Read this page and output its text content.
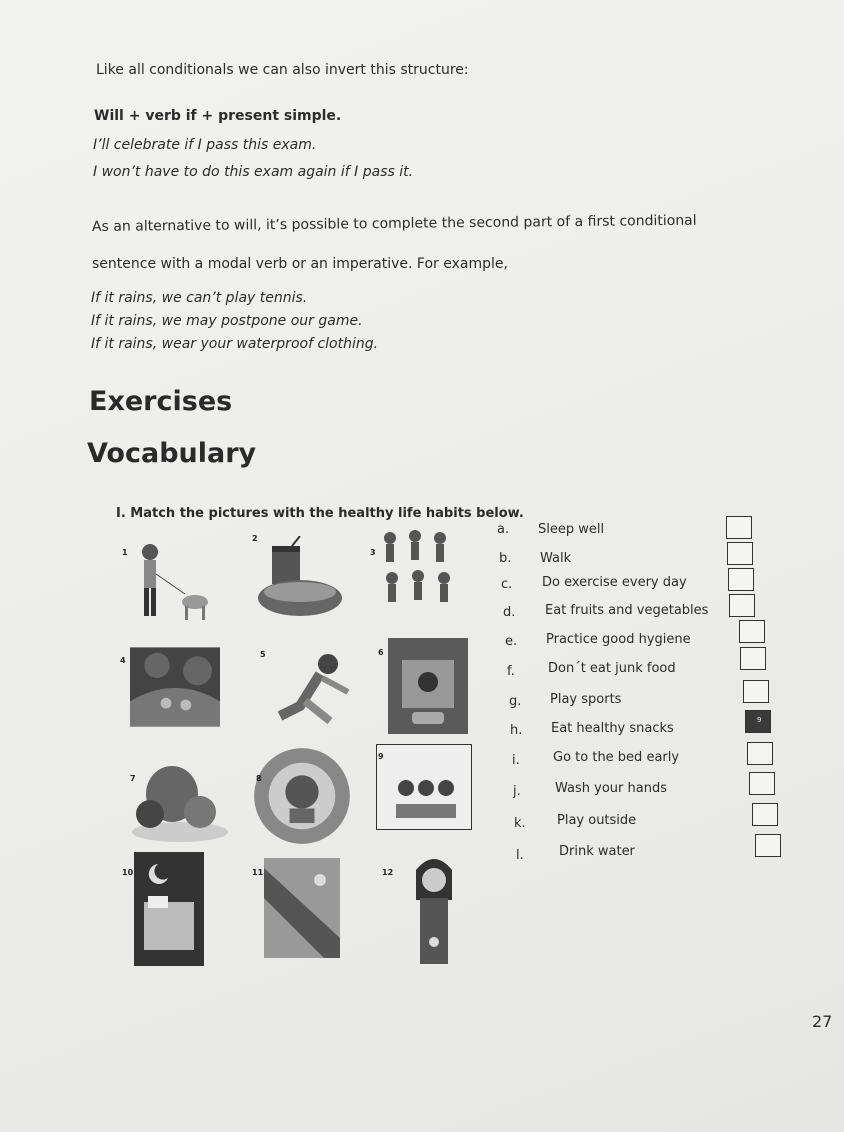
Like all conditionals we can also invert this structure:
Will + verb if + present simple.
I’ll celebrate if I pass this exam.
I won’t have to do this exam again if I pass it.
As an alternative to will, it’s possible to complete the second part of a first conditional
sentence with a modal verb or an imperative. For example,
If it rains, we can’t play tennis.
If it rains, we may postpone our game.
If it rains, wear your waterproof clothing.
Exercises
Vocabulary
I. Match the pictures with the healthy life habits below.
1
2
3
4
5	6
7	8
9
10	11	12
a. Sleep well
b. Walk
c. Do exercise every day
d. Eat fruits and vegetables
e. Practice good hygiene
f.	Don´t eat junk food
g. Play sports
h. Eat healthy snacks
i.	Go to the bed early
j.	Wash your hands
k. Play outside
l.	Drink water
9
27
